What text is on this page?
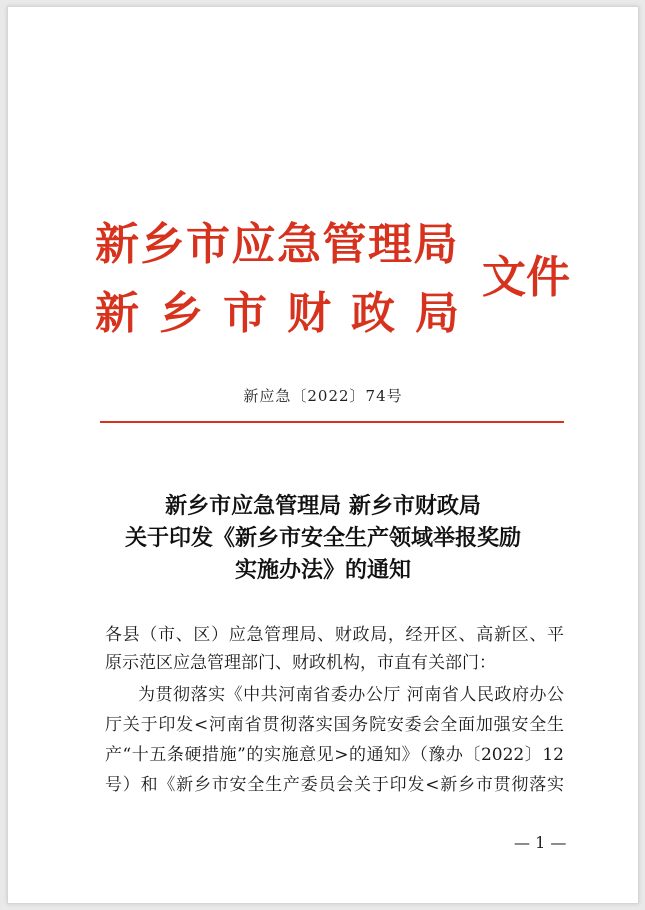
新乡市应急管理局
新乡市财政局
文件
新应急〔2022〕74号
新乡市应急管理局 新乡市财政局
关于印发《新乡市安全生产领域举报奖励
实施办法》的通知
各县（市、区）应急管理局、财政局，经开区、高新区、平
原示范区应急管理部门、财政机构，市直有关部门：
为贯彻落实《中共河南省委办公厅 河南省人民政府办公
厅关于印发<河南省贯彻落实国务院安委会全面加强安全生
产“十五条硬措施”的实施意见>的通知》（豫办〔2022〕12
号）和《新乡市安全生产委员会关于印发<新乡市贯彻落实
— 1 —
